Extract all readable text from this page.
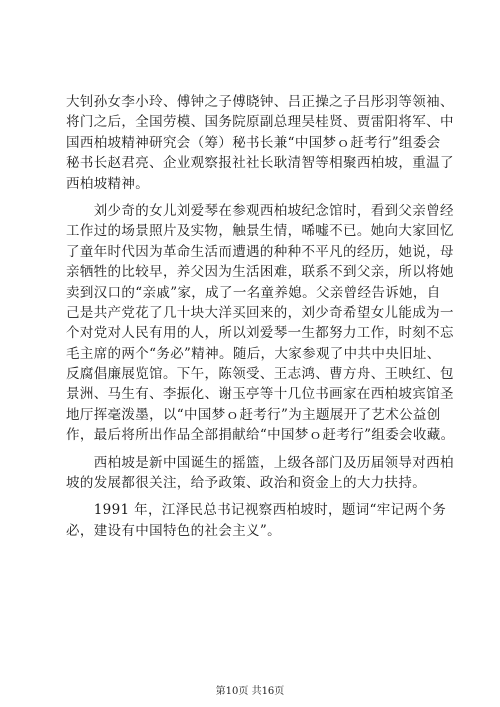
大钊孙女李小玲、傅钟之子傅晓钟、吕正操之子吕彤羽等领袖、

将门之后，全国劳模、国务院原副总理吴桂贤、贾雷阳将军、中

国西柏坡精神研究会（筹）秘书长兼“中国梦ｏ赶考行”组委会

秘书长赵君亮、企业观察报社社长耿清智等相聚西柏坡，重温了

西柏坡精神。

　　刘少奇的女儿刘爱琴在参观西柏坡纪念馆时，看到父亲曾经

工作过的场景照片及实物，触景生情，唏嘘不已。她向大家回忆

了童年时代因为革命生活而遭遇的种种不平凡的经历，她说，母

亲牺牲的比较早，养父因为生活困难，联系不到父亲，所以将她

卖到汉口的“亲戚”家，成了一名童养媳。父亲曾经告诉她，自

己是共产党花了几十块大洋买回来的，刘少奇希望女儿能成为一

个对党对人民有用的人，所以刘爱琴一生都努力工作，时刻不忘

毛主席的两个“务必”精神。随后，大家参观了中共中央旧址、

反腐倡廉展览馆。下午，陈领受、王志鸿、曹方舟、王映红、包

景洲、马生有、李振化、谢玉亭等十几位书画家在西柏坡宾馆圣

地厅挥毫泼墨，以“中国梦ｏ赶考行”为主题展开了艺术公益创

作，最后将所出作品全部捐献给“中国梦ｏ赶考行”组委会收藏。

　　西柏坡是新中国诞生的摇篮，上级各部门及历届领导对西柏

坡的发展都很关注，给予政策、政治和资金上的大力扶持。

　　1991 年，江泽民总书记视察西柏坡时，题词“牢记两个务

必，建设有中国特色的社会主义”。

第10页 共16页
